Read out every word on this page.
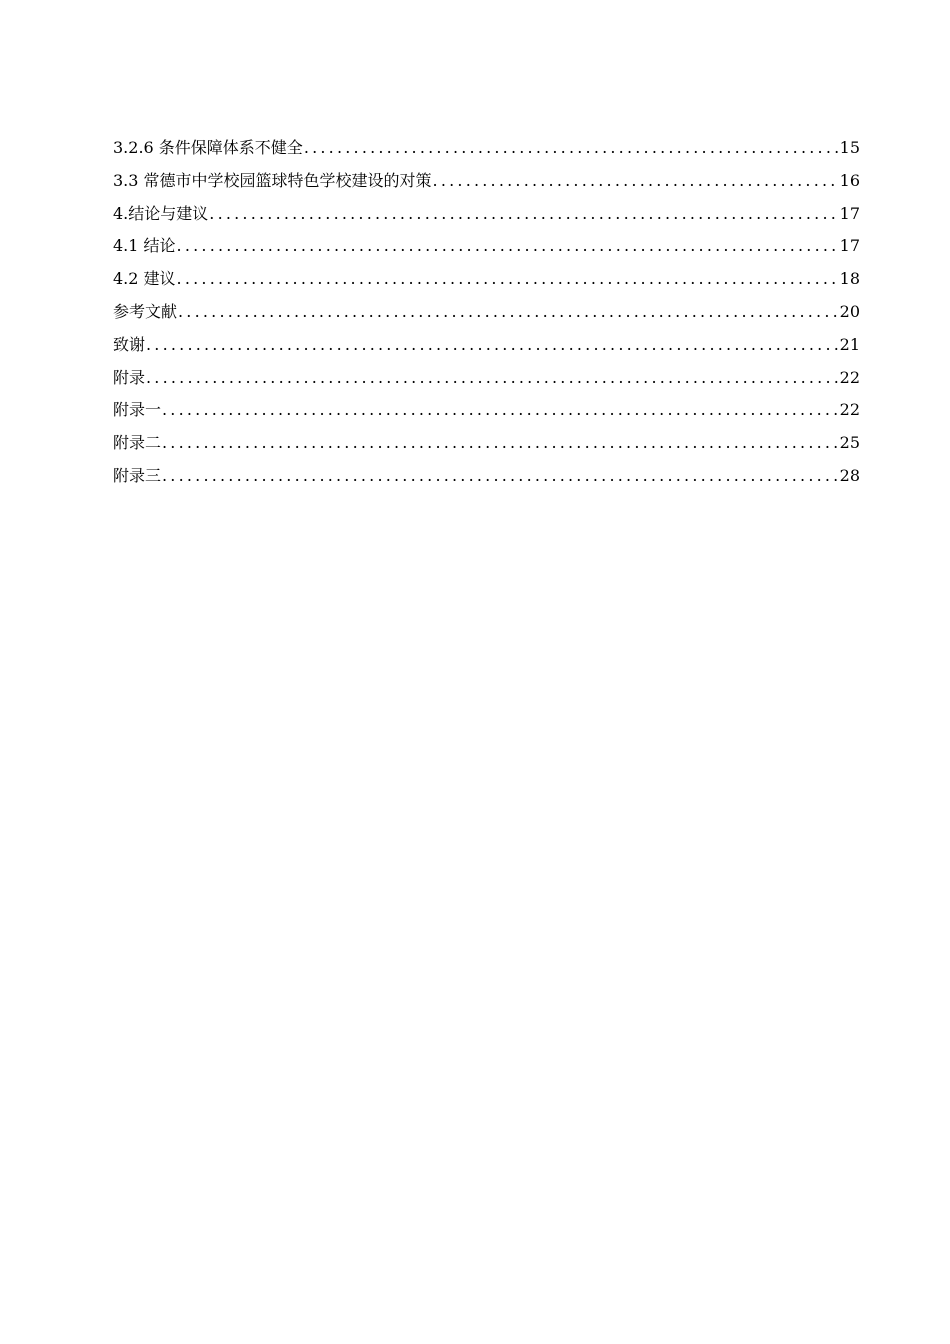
3.2.6 条件保障体系不健全 .....	15
3.3 常德市中学校园篮球特色学校建设的对策 .....	16
4.结论与建议 .....	17
4.1 结论 .....	17
4.2 建议 .....	18
参考文献 .....	20
致谢 .....	21
附录 .....	22
附录一 .....	22
附录二 .....	25
附录三 .....	28
